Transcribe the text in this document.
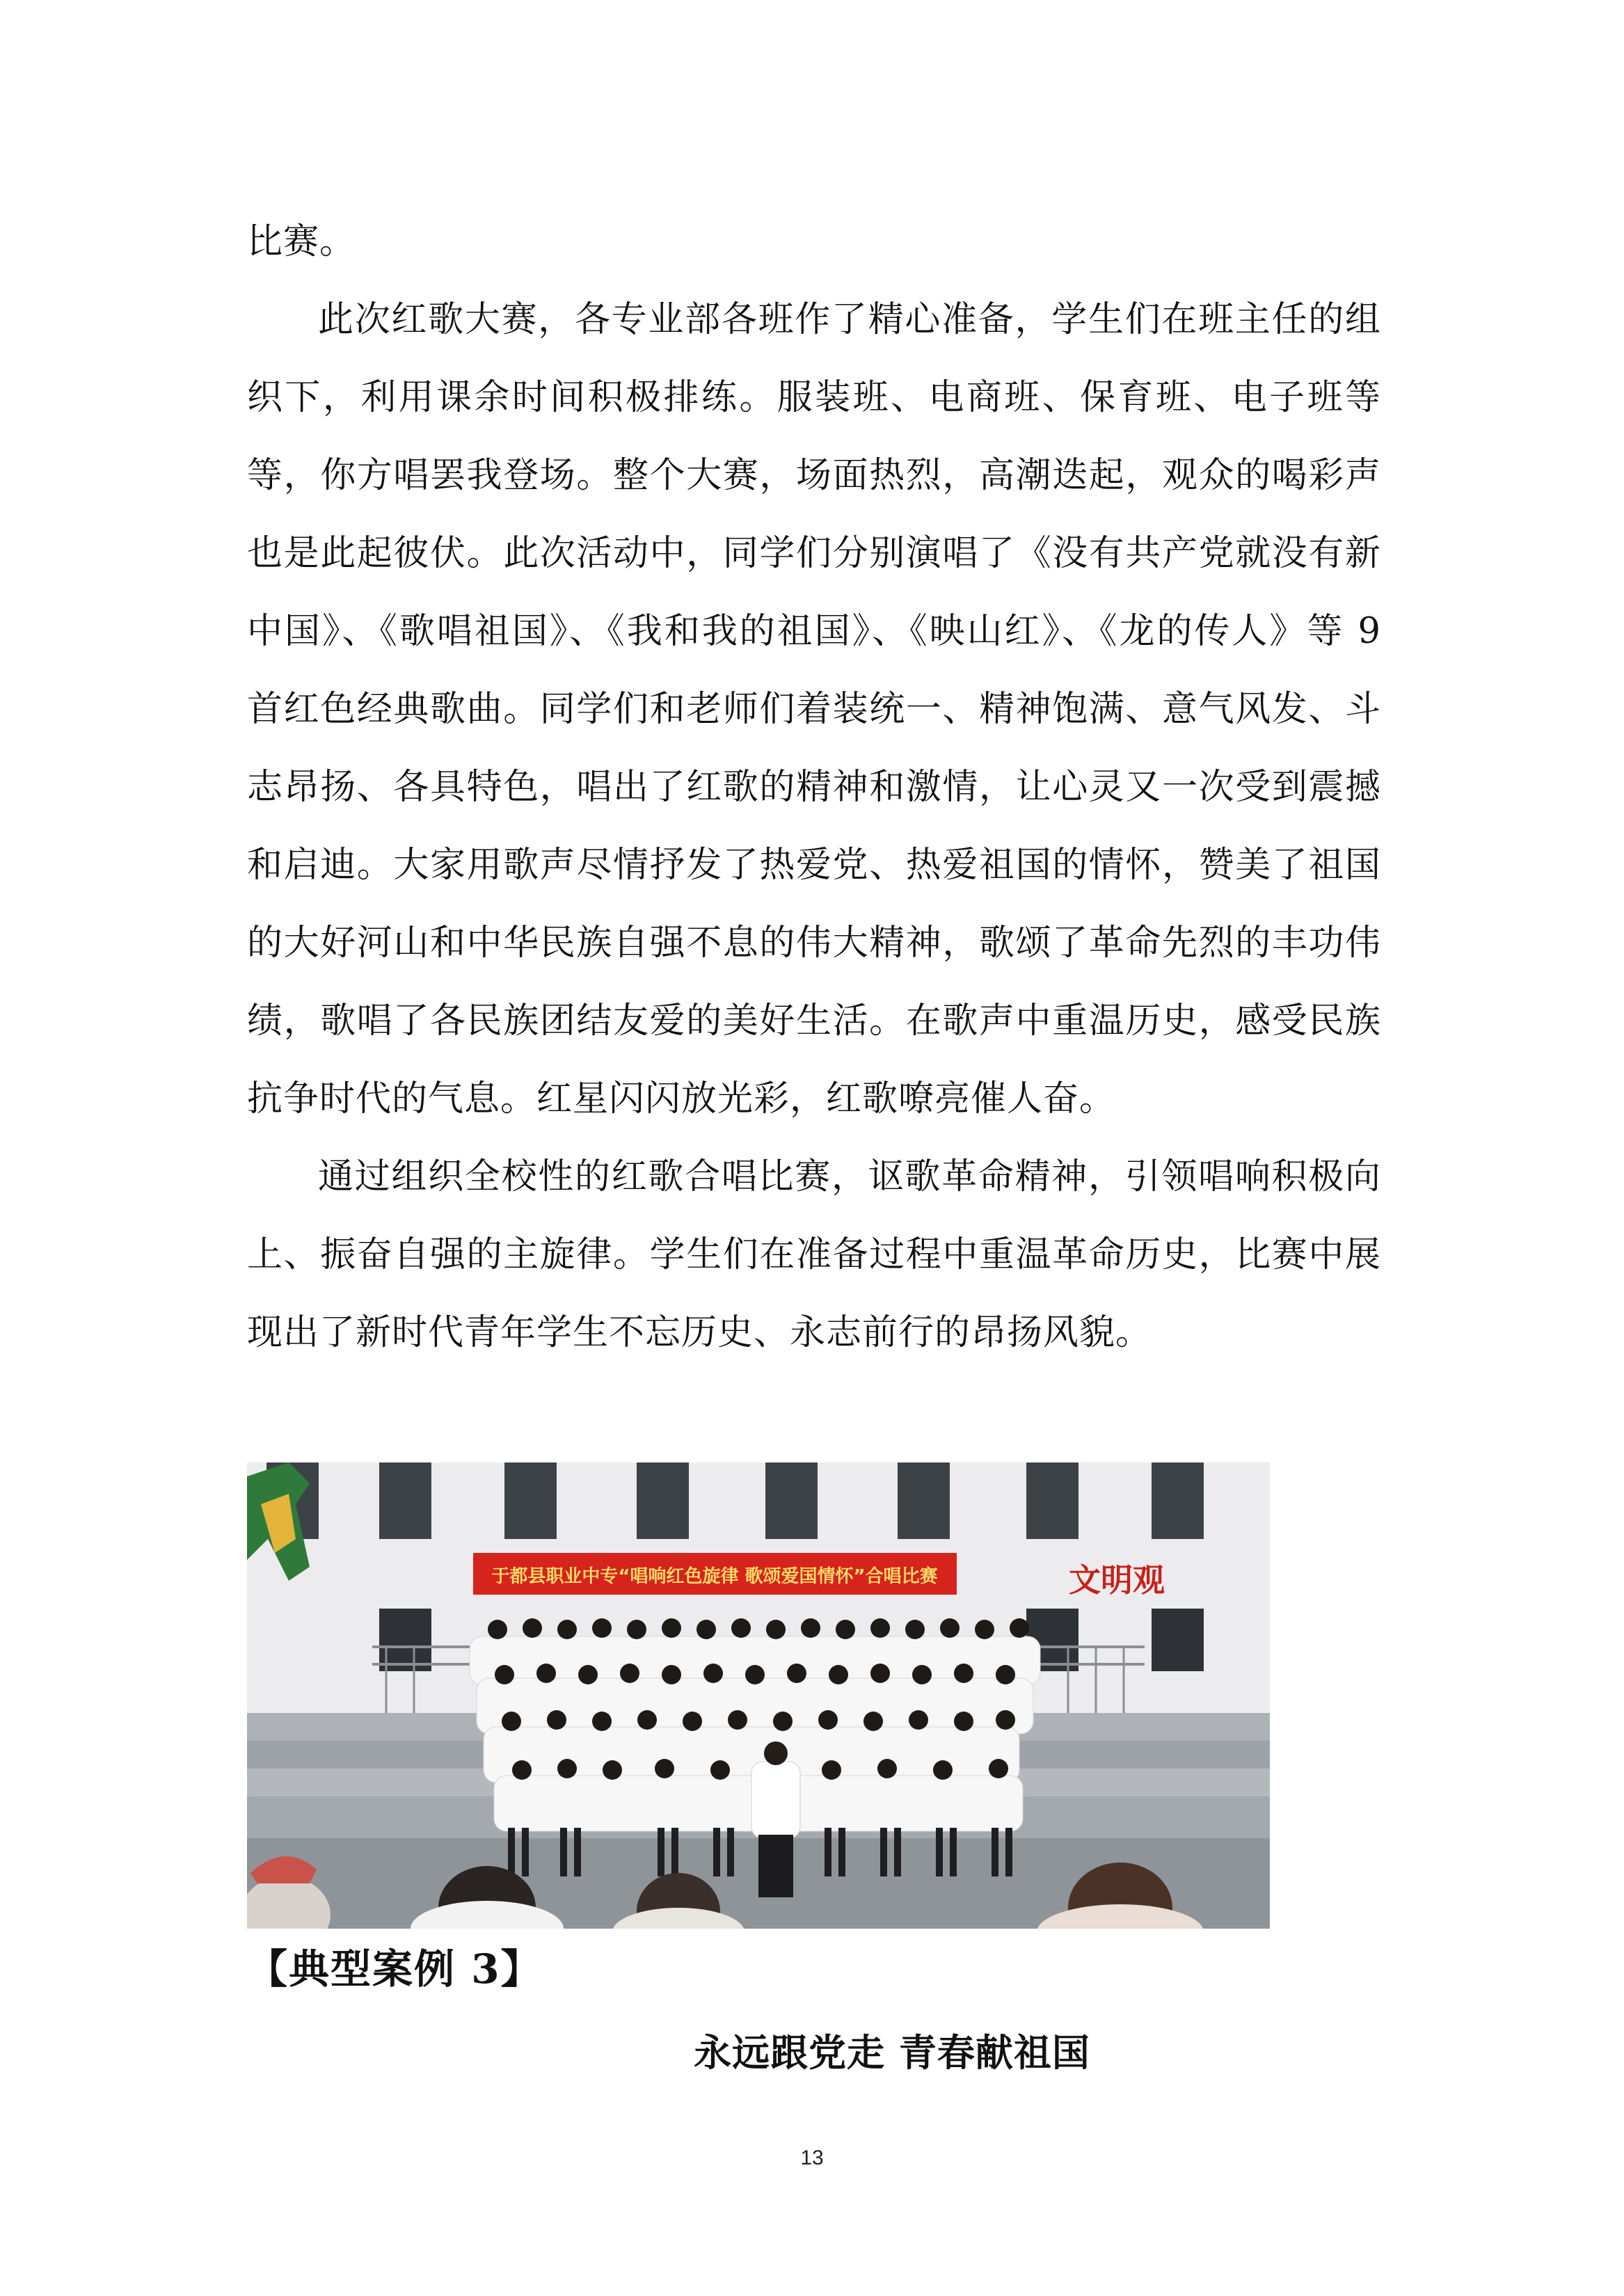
比赛。

此次红歌大赛，各专业部各班作了精心准备，学生们在班主任的组织下，利用课余时间积极排练。服装班、电商班、保育班、电子班等等，你方唱罢我登场。整个大赛，场面热烈，高潮迭起，观众的喝彩声也是此起彼伏。此次活动中，同学们分别演唱了《没有共产党就没有新中国》、《歌唱祖国》、《我和我的祖国》、《映山红》、《龙的传人》等 9 首红色经典歌曲。同学们和老师们着装统一、精神饱满、意气风发、斗志昂扬、各具特色，唱出了红歌的精神和激情，让心灵又一次受到震撼和启迪。大家用歌声尽情抒发了热爱党、热爱祖国的情怀，赞美了祖国的大好河山和中华民族自强不息的伟大精神，歌颂了革命先烈的丰功伟绩，歌唱了各民族团结友爱的美好生活。在歌声中重温历史，感受民族抗争时代的气息。红星闪闪放光彩，红歌嘹亮催人奋。

通过组织全校性的红歌合唱比赛，讴歌革命精神，引领唱响积极向上、振奋自强的主旋律。学生们在准备过程中重温革命历史，比赛中展现出了新时代青年学生不忘历史、永志前行的昂扬风貌。

于都县职业中专“唱响红色旋律 歌颂爱国情怀”合唱比赛	文明观
【典型案例 3】
永远跟党走 青春献祖国
13
